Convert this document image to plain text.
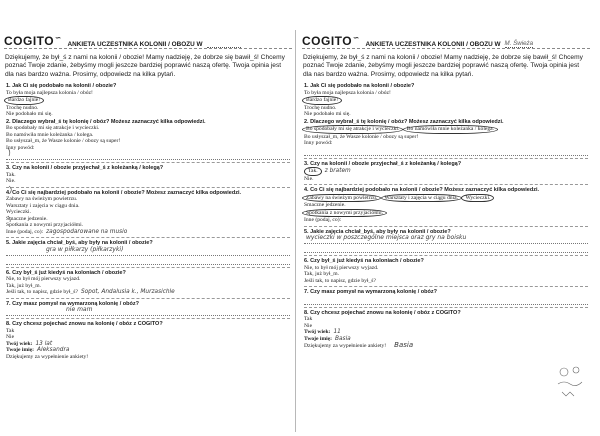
COGITO∽
ANKIETA UCZESTNIKA KOLONII / OBOZU W
Dziękujemy, że był_ś z nami na kolonii / obozie! Mamy nadzieję, że dobrze się bawił_ś! Chcemy poznać Twoje zdanie, żebyśmy mogli jeszcze bardziej poprawić naszą ofertę. Twoja opinia jest dla nas bardzo ważna. Prosimy, odpowiedz na kilka pytań.
1. Jak Ci się podobało na kolonii / obozie?
To była moja najlepsza kolonia / obóz!
Bardzo fajnie!
Trochę nudno.
Nie podobało mi się.
2. Dlaczego wybrał_ś tę kolonię / obóz? Możesz zaznaczyć kilka odpowiedzi.
Bo spodobały mi się atrakcje i wycieczki.
Bo namówiła mnie koleżanka / kolega.
Bo usłyszał_m, że Wasze kolonie / obozy są super!
Inny powód:
3. Czy na kolonii / obozie przyjechał_ś z koleżanką / kolegą?
Tak.
Nie.
4. Co Ci się najbardziej podobało na kolonii / obozie? Możesz zaznaczyć kilka odpowiedzi.
Zabawy na świeżym powietrzu.
Warsztaty i zajęcia w ciągu dnia.
Wycieczki.
Smaczne jedzenie.
Spotkania z nowymi przyjaciółmi.
Inne (podaj, co): zagospodarowane na musio
5. Jakie zajęcia chciał_byś, aby były na kolonii / obozie?
gra w piłkarzy (piłkarzyki)
6. Czy był_ś już kiedyś na koloniach / obozie?
Nie, to był mój pierwszy wyjazd.
Tak, już był_m.
Jeśli tak, to napisz, gdzie był_ś? Sopot, Andalusia k., Murzasichle
7. Czy masz pomysł na wymarzoną kolonię / obóz?
nie mam
8. Czy chcesz pojechać znowu na kolonię / obóz z COGITO?
Tak
Nie
Twój wiek: 13 lat
Twoje imię: Aleksandra
Dziękujemy za wypełnienie ankiety!
COGITO∽
ANKIETA UCZESTNIKA KOLONII / OBOZU W M. Świeża
Dziękujemy, że był_ś z nami na kolonii / obozie! Mamy nadzieję, że dobrze się bawił_ś! Chcemy poznać Twoje zdanie, żebyśmy mogli jeszcze bardziej poprawić naszą ofertę. Twoja opinia jest dla nas bardzo ważna. Prosimy, odpowiedz na kilka pytań.
1. Jak Ci się podobało na kolonii / obozie?
To była moja najlepsza kolonia / obóz!
Bardzo fajnie!
Trochę nudno.
Nie podobało mi się.
2. Dlaczego wybrał_ś tę kolonię / obóz? Możesz zaznaczyć kilka odpowiedzi.
Bo spodobały mi się atrakcje i wycieczki. Bo namówiła mnie koleżanka / kolega.
Bo usłyszał_m, że Wasze kolonie / obozy są super!
Inny powód:
3. Czy na kolonii / obozie przyjechał_ś z koleżanką / kolegą?
Tak. z bratem
Nie.
4. Co Ci się najbardziej podobało na kolonii / obozie? Możesz zaznaczyć kilka odpowiedzi.
Zabawy na świeżym powietrzu. Warsztaty i zajęcia w ciągu dnia. Wycieczki.
Smaczne jedzenie.
Spotkania z nowymi przyjaciółmi.
Inne (podaj, co):
5. Jakie zajęcia chciał_byś, aby były na kolonii / obozie?
wycieczki w poszczególne miejsca oraz gry na boisku
6. Czy był_ś już kiedyś na koloniach / obozie?
Nie, to był mój pierwszy wyjazd.
Tak, już był_m.
Jeśli tak, to napisz, gdzie był_ś?
7. Czy masz pomysł na wymarzoną kolonię / obóz?
8. Czy chcesz pojechać znowu na kolonię / obóz z COGITO?
Tak
Nie
Twój wiek: 11
Twoje imię: Basia
Dziękujemy za wypełnienie ankiety! Basia
